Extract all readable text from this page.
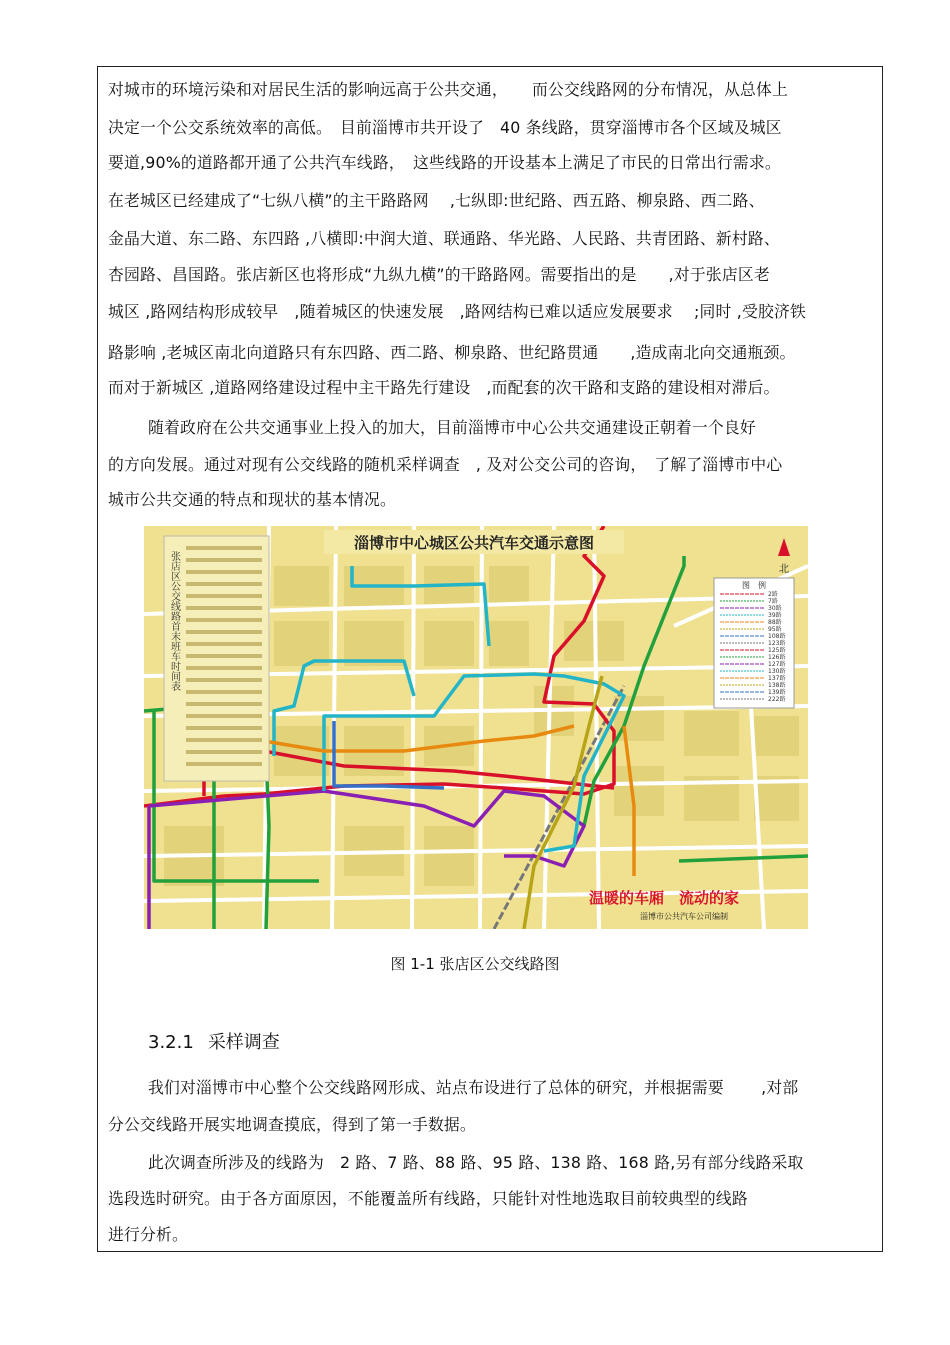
对城市的环境污染和对居民生活的影响远高于公共交通，　　而公交线路网的分布情况，从总体上
决定一个公交系统效率的高低。　目前淄博市共开设了　40 条线路，贯穿淄博市各个区域及城区
要道,90%的道路都开通了公共汽车线路，　这些线路的开设基本上满足了市民的日常出行需求。
在老城区已经建成了“七纵八横”的主干路路网　 ,七纵即:世纪路、西五路、柳泉路、西二路、
金晶大道、东二路、东四路 ,八横即:中润大道、联通路、华光路、人民路、共青团路、新村路、
杏园路、昌国路。张店新区也将形成“九纵九横”的干路路网。需要指出的是　　,对于张店区老
城区 ,路网结构形成较早　,随着城区的快速发展　,路网结构已难以适应发展要求　 ;同时 ,受胶济铁
路影响 ,老城区南北向道路只有东四路、西二路、柳泉路、世纪路贯通　　,造成南北向交通瓶颈。
而对于新城区 ,道路网络建设过程中主干路先行建设　,而配套的次干路和支路的建设相对滞后。
随着政府在公共交通事业上投入的加大，目前淄博市中心公共交通建设正朝着一个良好
的方向发展。通过对现有公交线路的随机采样调查　, 及对公交公司的咨询，　了解了淄博市中心
城市公共交通的特点和现状的基本情况。
淄博市中心城区公共汽车交通示意图
北
图　例
2路
7路
30路
39路
88路
95路
108路
123路
125路
126路
127路
130路
137路
138路
139路
222路
张店区公交线路首末班车时间表
温暖的车厢　流动的家
淄博市公共汽车公司编制
图 1-1 张店区公交线路图
3.2.1 采样调查
我们对淄博市中心整个公交线路网形成、站点布设进行了总体的研究，并根据需要　　 ,对部
分公交线路开展实地调查摸底，得到了第一手数据。
此次调查所涉及的线路为　2 路、7 路、88 路、95 路、138 路、168 路,另有部分线路采取
选段选时研究。由于各方面原因，不能覆盖所有线路，只能针对性地选取目前较典型的线路
进行分析。
